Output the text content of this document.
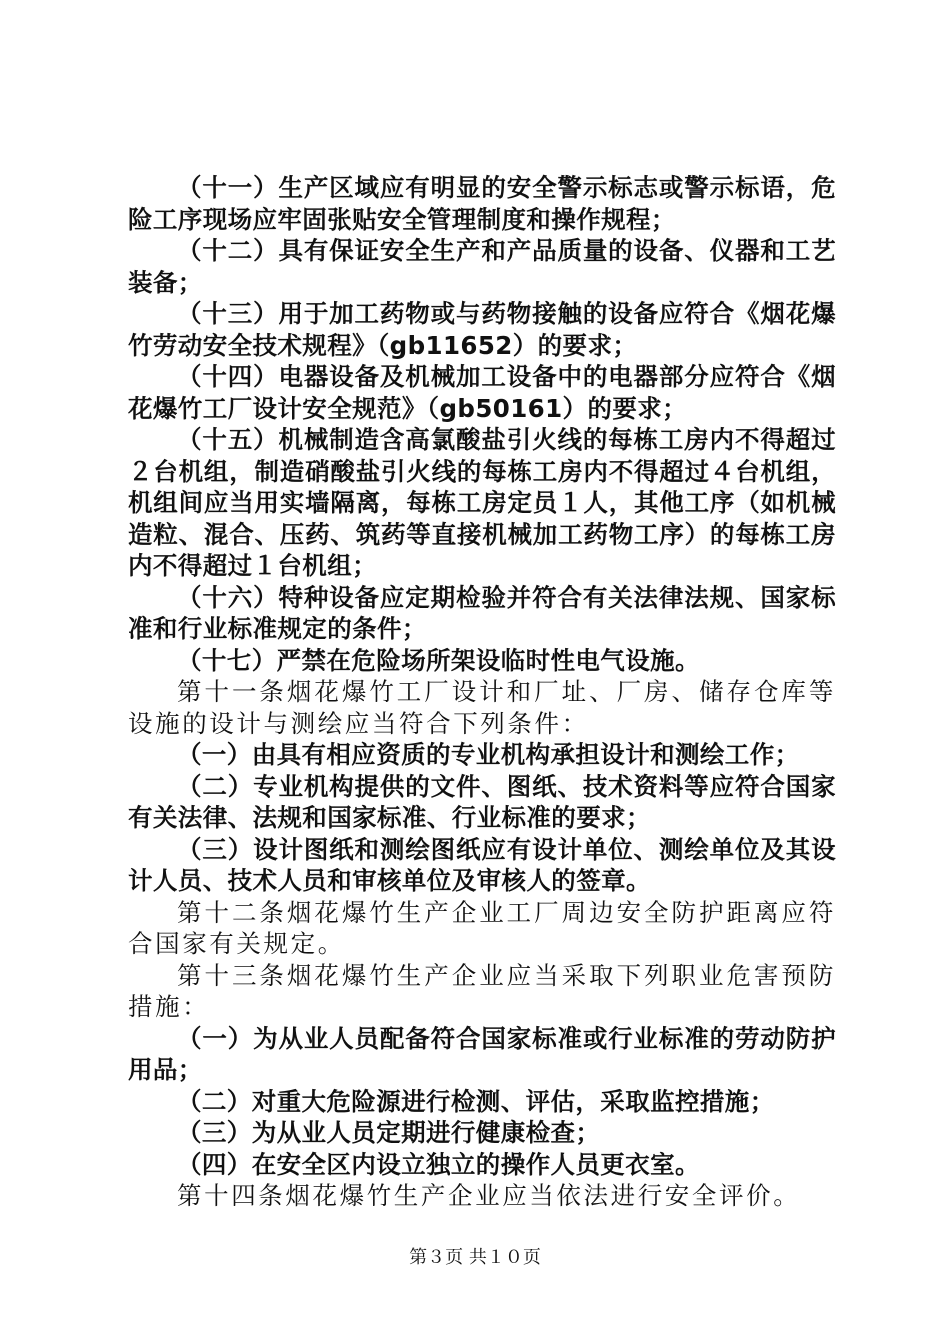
（十一）生产区域应有明显的安全警示标志或警示标语，危险工序现场应牢固张贴安全管理制度和操作规程；

（十二）具有保证安全生产和产品质量的设备、仪器和工艺装备；

（十三）用于加工药物或与药物接触的设备应符合《烟花爆竹劳动安全技术规程》（gb11652）的要求；

（十四）电器设备及机械加工设备中的电器部分应符合《烟花爆竹工厂设计安全规范》（gb50161）的要求；

（十五）机械制造含高氯酸盐引火线的每栋工房内不得超过２台机组，制造硝酸盐引火线的每栋工房内不得超过４台机组，机组间应当用实墙隔离，每栋工房定员１人，其他工序（如机械造粒、混合、压药、筑药等直接机械加工药物工序）的每栋工房内不得超过１台机组；

（十六）特种设备应定期检验并符合有关法律法规、国家标准和行业标准规定的条件；

（十七）严禁在危险场所架设临时性电气设施。

第十一条烟花爆竹工厂设计和厂址、厂房、储存仓库等设施的设计与测绘应当符合下列条件：

（一）由具有相应资质的专业机构承担设计和测绘工作；

（二）专业机构提供的文件、图纸、技术资料等应符合国家有关法律、法规和国家标准、行业标准的要求；

（三）设计图纸和测绘图纸应有设计单位、测绘单位及其设计人员、技术人员和审核单位及审核人的签章。

第十二条烟花爆竹生产企业工厂周边安全防护距离应符合国家有关规定。

第十三条烟花爆竹生产企业应当采取下列职业危害预防措施：

（一）为从业人员配备符合国家标准或行业标准的劳动防护用品；

（二）对重大危险源进行检测、评估，采取监控措施；

（三）为从业人员定期进行健康检查；

（四）在安全区内设立独立的操作人员更衣室。

第十四条烟花爆竹生产企业应当依法进行安全评价。

第３页 共１０页
